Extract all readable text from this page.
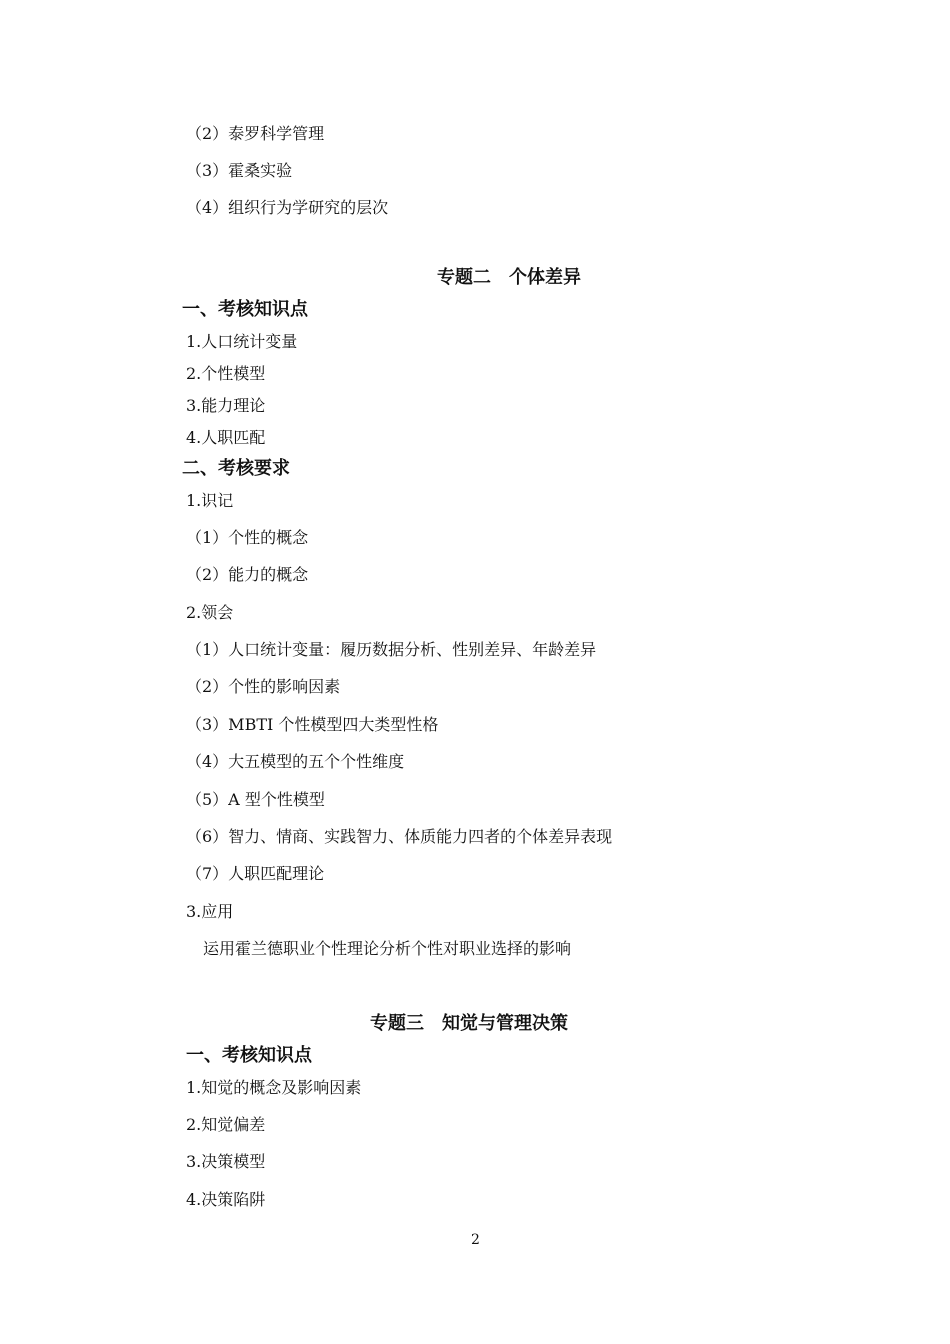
（2）泰罗科学管理
（3）霍桑实验
（4）组织行为学研究的层次
专题二　个体差异
一、考核知识点
1.人口统计变量
2.个性模型
3.能力理论
4.人职匹配
二、考核要求
1.识记
（1）个性的概念
（2）能力的概念
2.领会
（1）人口统计变量：履历数据分析、性别差异、年龄差异
（2）个性的影响因素
（3）MBTI 个性模型四大类型性格
（4）大五模型的五个个性维度
（5）A 型个性模型
（6）智力、情商、实践智力、体质能力四者的个体差异表现
（7）人职匹配理论
3.应用
运用霍兰德职业个性理论分析个性对职业选择的影响
专题三　知觉与管理决策
一、考核知识点
1.知觉的概念及影响因素
2.知觉偏差
3.决策模型
4.决策陷阱
2
